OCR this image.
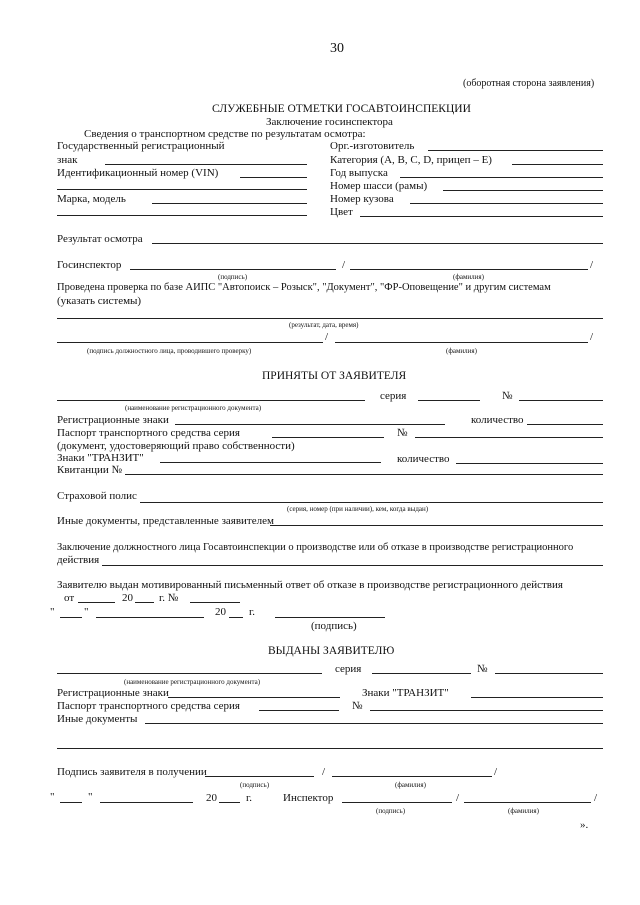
30
(оборотная сторона заявления)
СЛУЖЕБНЫЕ ОТМЕТКИ ГОСАВТОИНСПЕКЦИИ
Заключение госинспектора
Сведения о транспортном средстве по результатам осмотра:
Государственный регистрационный
знак
Идентификационный номер (VIN)
Марка, модель
Орг.-изготовитель
Категория (A, B, C, D, прицеп – E)
Год выпуска
Номер шасси (рамы)
Номер кузова
Цвет
Результат осмотра
Госинспектор	/	/
(подпись)	(фамилия)
Проведена проверка по базе АИПС "Автопоиск – Розыск", "Документ", "ФР-Оповещение" и другим системам
(указать системы)
(результат, дата, время)
/	/
(подпись должностного лица, проводившего проверку)	(фамилия)
ПРИНЯТЫ ОТ ЗАЯВИТЕЛЯ
серия	№
(наименование регистрационного документа)
Регистрационные знаки	количество
Паспорт транспортного средства серия	№
(документ, удостоверяющий право собственности)
Знаки "ТРАНЗИТ"	количество
Квитанции №
Страховой полис
(серия, номер (при наличии), кем, когда выдан)
Иные документы, представленные заявителем
Заключение должностного лица Госавтоинспекции о производстве или об отказе в производстве регистрационного
действия
Заявителю выдан мотивированный письменный ответ об отказе в производстве регистрационного действия
от	20 г. №
"	"	20 г.
(подпись)
ВЫДАНЫ ЗАЯВИТЕЛЮ
серия	№
(наименование регистрационного документа)
Регистрационные знаки	Знаки "ТРАНЗИТ"
Паспорт транспортного средства серия	№
Иные документы
Подпись заявителя в получении	/	/
(подпись)	(фамилия)
"	"	20	г.	Инспектор	/	/
(подпись)	(фамилия)
».
